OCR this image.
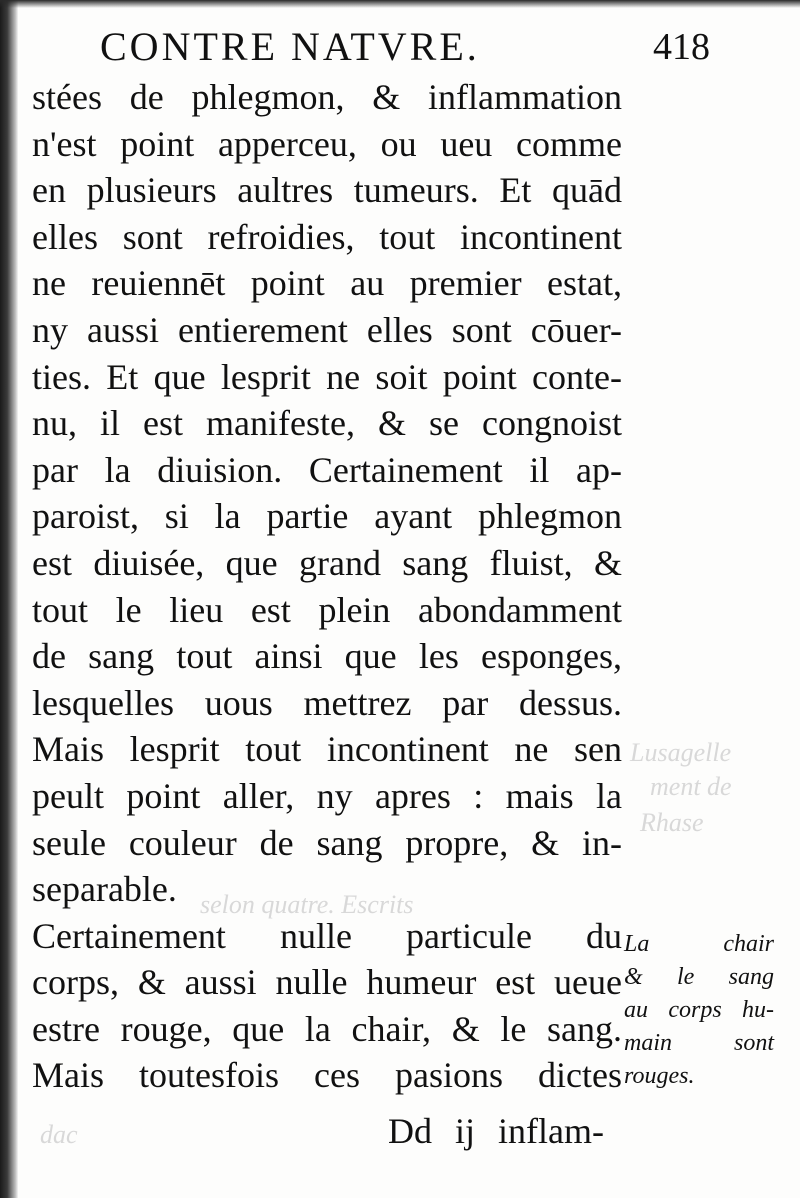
Lusagelle
ment de
Rhase
selon quatre. Escrits
dac
CONTRE NATVRE.	418
stées de phlegmon, & inflammation
n'est point apperceu, ou ueu comme
en plusieurs aultres tumeurs. Et quād
elles sont refroidies, tout incontinent
ne reuiennēt point au premier estat,
ny aussi entierement elles sont cōuer-
ties. Et que lesprit ne soit point conte-
nu, il est manifeste, & se congnoist
par la diuision. Certainement il ap-
paroist, si la partie ayant phlegmon
est diuisée, que grand sang fluist, &
tout le lieu est plein abondamment
de sang tout ainsi que les esponges,
lesquelles uous mettrez par dessus.
Mais lesprit tout incontinent ne sen
peult point aller, ny apres : mais la
seule couleur de sang propre, & in-
separable.
Certainement nulle particule du
corps, & aussi nulle humeur est ueue
estre rouge, que la chair, & le sang.
Mais toutesfois ces pasions dictes
Dd ij inflam-
La chair
& le sang
au corps hu-
main sont
rouges.
